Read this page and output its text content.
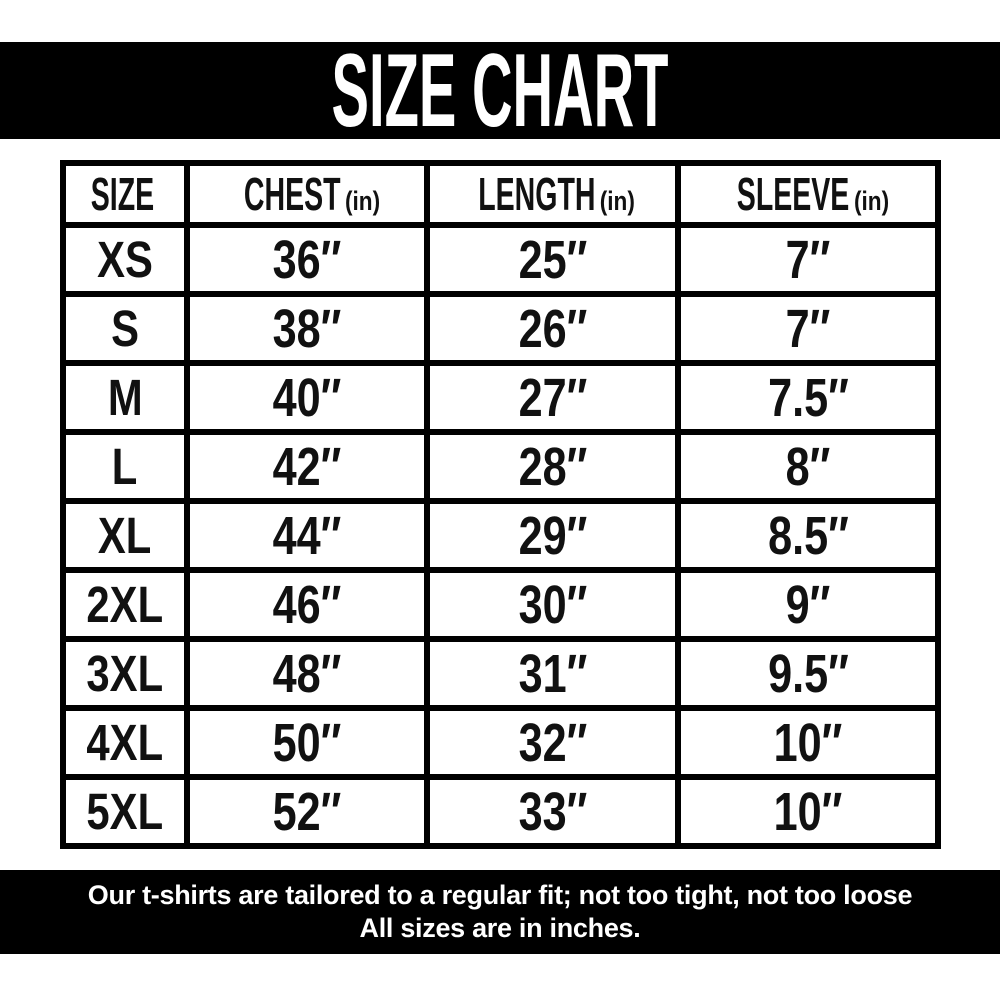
SIZE CHART
SIZE CHEST (in) LENGTH (in) SLEEVE (in)
XS 36″	25″	7″
S 38″	26″	7″
M 40″	27″	7.5″
L 42″	28″	8″
XL 44″	29″	8.5″
2XL 46″	30″	9″
3XL 48″	31″	9.5″
4XL 50″	32″	10″
5XL 52″	33″	10″
Our t-shirts are tailored to a regular fit; not too tight, not too loose
All sizes are in inches.
